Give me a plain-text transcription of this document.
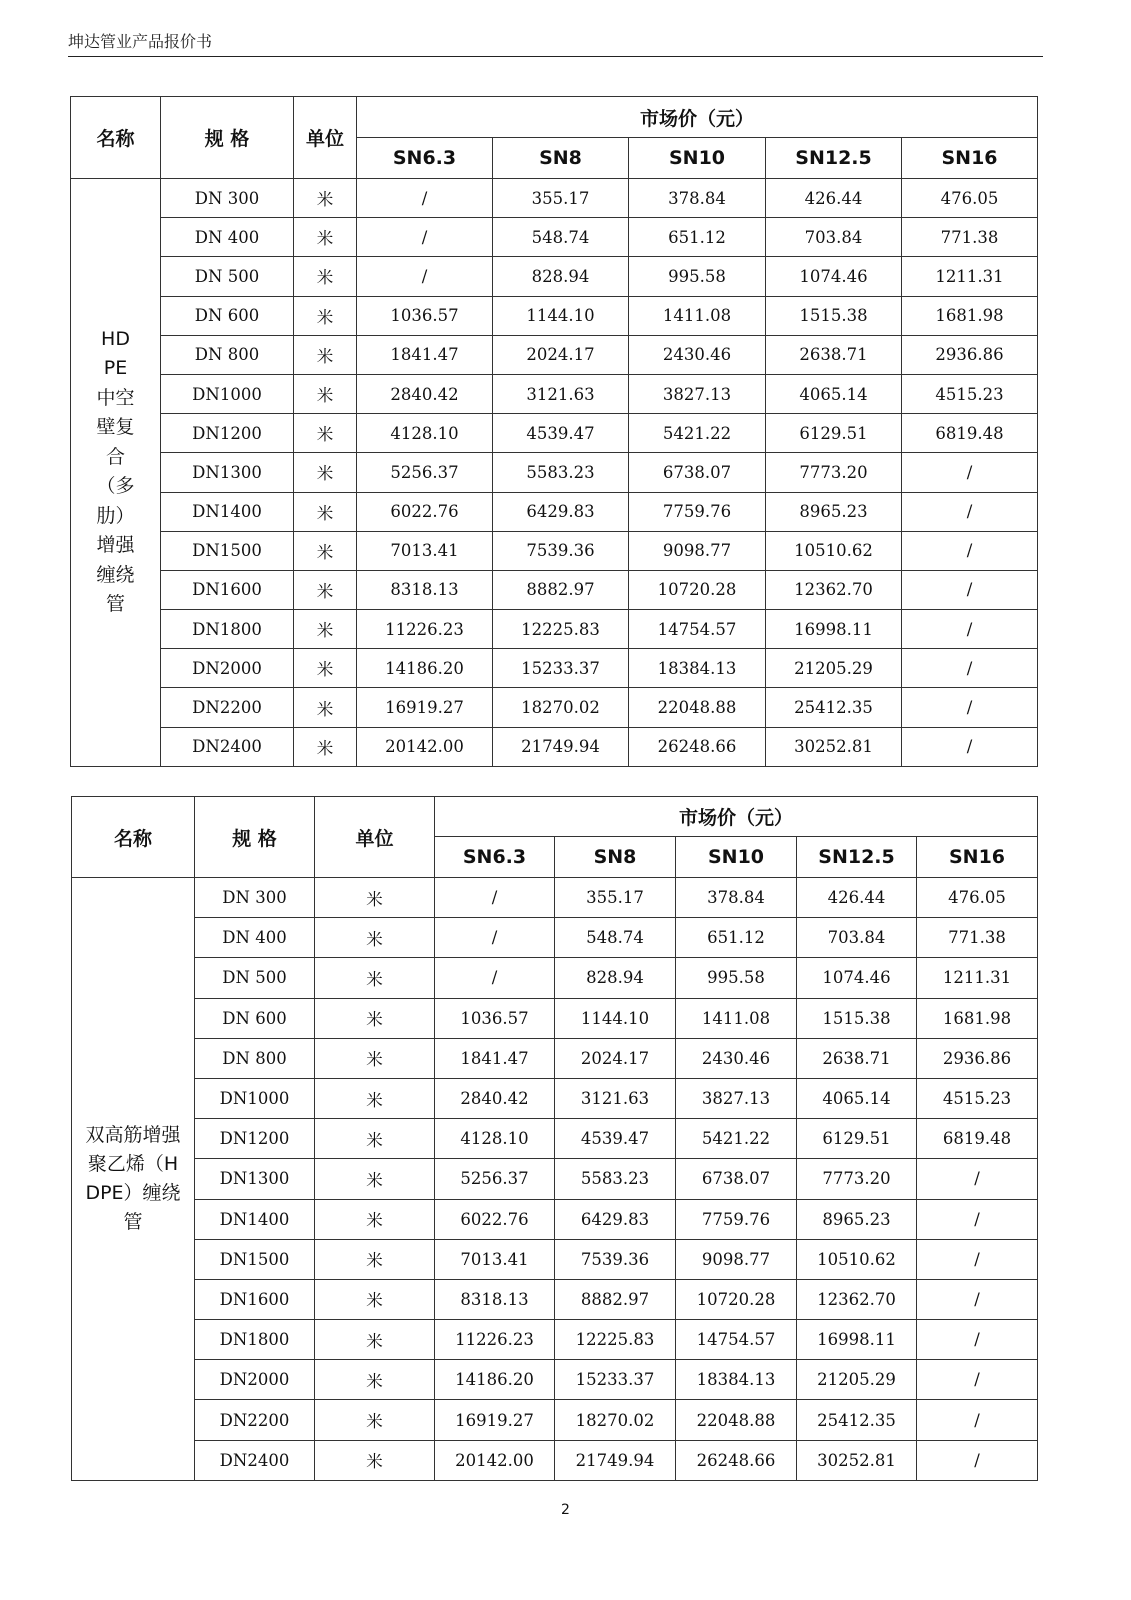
坤达管业产品报价书
名称	规 格	单位	市场价（元）				
			SN6.3	SN8	SN10	SN12.5	SN16
HDPE中空壁复合（多肋）增强缠绕管	DN 300	米	/	355.17	378.84	426.44	476.05
	DN 400	米	/	548.74	651.12	703.84	771.38
	DN 500	米	/	828.94	995.58	1074.46	1211.31
	DN 600	米	1036.57	1144.10	1411.08	1515.38	1681.98
	DN 800	米	1841.47	2024.17	2430.46	2638.71	2936.86
	DN1000	米	2840.42	3121.63	3827.13	4065.14	4515.23
	DN1200	米	4128.10	4539.47	5421.22	6129.51	6819.48
	DN1300	米	5256.37	5583.23	6738.07	7773.20	/
	DN1400	米	6022.76	6429.83	7759.76	8965.23	/
	DN1500	米	7013.41	7539.36	9098.77	10510.62	/
	DN1600	米	8318.13	8882.97	10720.28	12362.70	/
	DN1800	米	11226.23	12225.83	14754.57	16998.11	/
	DN2000	米	14186.20	15233.37	18384.13	21205.29	/
	DN2200	米	16919.27	18270.02	22048.88	25412.35	/
	DN2400	米	20142.00	21749.94	26248.66	30252.81	/
名称	规 格	单位	市场价（元）				
			SN6.3	SN8	SN10	SN12.5	SN16
双高筋增强聚乙烯（HDPE）缠绕管	DN 300	米	/	355.17	378.84	426.44	476.05
	DN 400	米	/	548.74	651.12	703.84	771.38
	DN 500	米	/	828.94	995.58	1074.46	1211.31
	DN 600	米	1036.57	1144.10	1411.08	1515.38	1681.98
	DN 800	米	1841.47	2024.17	2430.46	2638.71	2936.86
	DN1000	米	2840.42	3121.63	3827.13	4065.14	4515.23
	DN1200	米	4128.10	4539.47	5421.22	6129.51	6819.48
	DN1300	米	5256.37	5583.23	6738.07	7773.20	/
	DN1400	米	6022.76	6429.83	7759.76	8965.23	/
	DN1500	米	7013.41	7539.36	9098.77	10510.62	/
	DN1600	米	8318.13	8882.97	10720.28	12362.70	/
	DN1800	米	11226.23	12225.83	14754.57	16998.11	/
	DN2000	米	14186.20	15233.37	18384.13	21205.29	/
	DN2200	米	16919.27	18270.02	22048.88	25412.35	/
	DN2400	米	20142.00	21749.94	26248.66	30252.81	/
2
